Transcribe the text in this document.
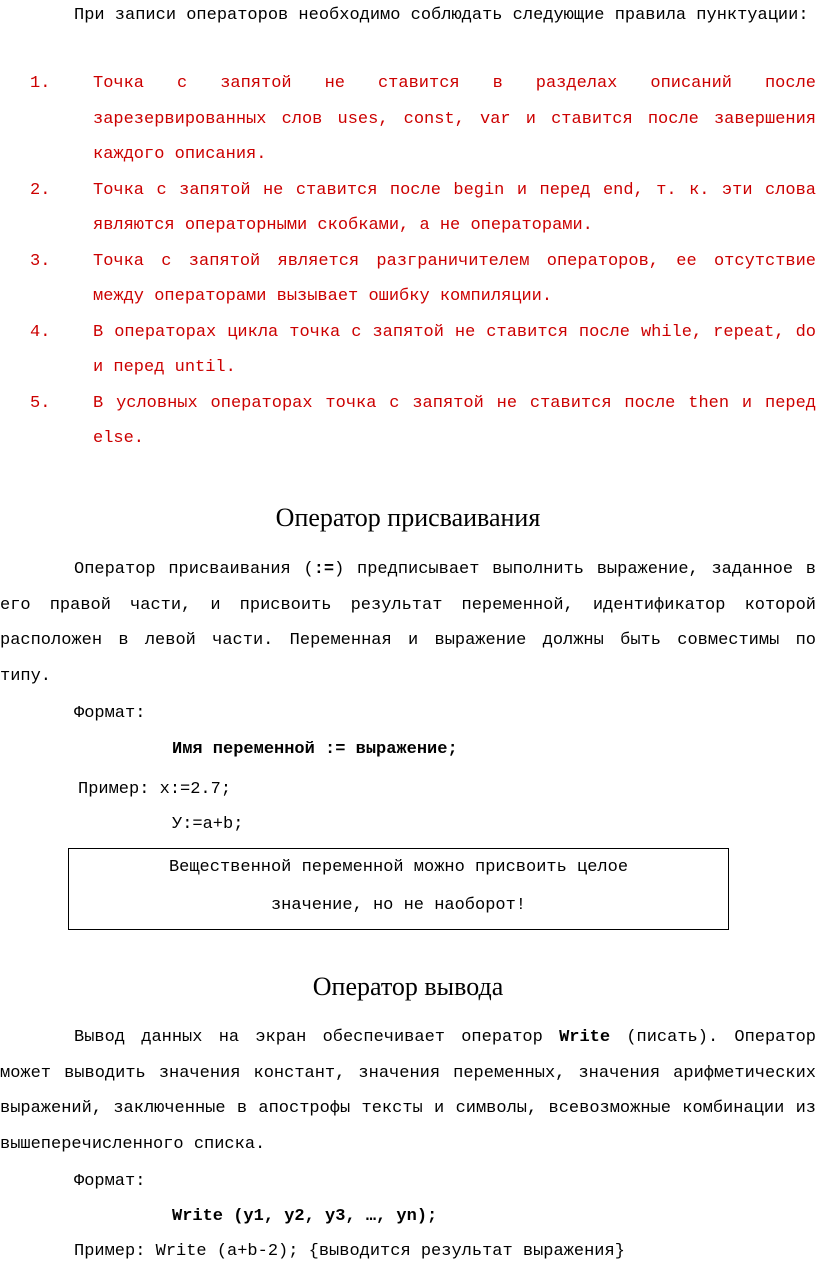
При записи операторов необходимо соблюдать следующие правила пунктуации:

1.	Точка с запятой не ставится в разделах описаний после зарезервированных слов uses, const, var и ставится после завершения каждого описания.
2.	Точка с запятой не ставится после begin и перед end, т. к. эти слова являются операторными скобками, а не операторами.
3.	Точка с запятой является разграничителем операторов, ее отсутствие между операторами вызывает ошибку компиляции.
4.	В операторах цикла точка с запятой не ставится после while, repeat, do и перед until.
5.	В условных операторах точка с запятой не ставится после then и перед else.
Оператор присваивания

Оператор присваивания (:=) предписывает выполнить выражение, заданное в его правой части, и присвоить результат переменной, идентификатор которой расположен в левой части. Переменная и выражение должны быть совместимы по типу.

Формат:

Имя переменной := выражение;

Пример: x:=2.7;

У:=a+b;

Вещественной переменной можно присвоить целое
значение, но не наоборот!
Оператор вывода

Вывод данных на экран обеспечивает оператор Write (писать). Оператор может выводить значения констант, значения переменных, значения арифметических выражений, заключенные в апострофы тексты и символы, всевозможные комбинации из вышеперечисленного списка.

Формат:

Write (y1, y2, y3, …, yn);

Пример: Write (a+b-2); {выводится результат выражения}
